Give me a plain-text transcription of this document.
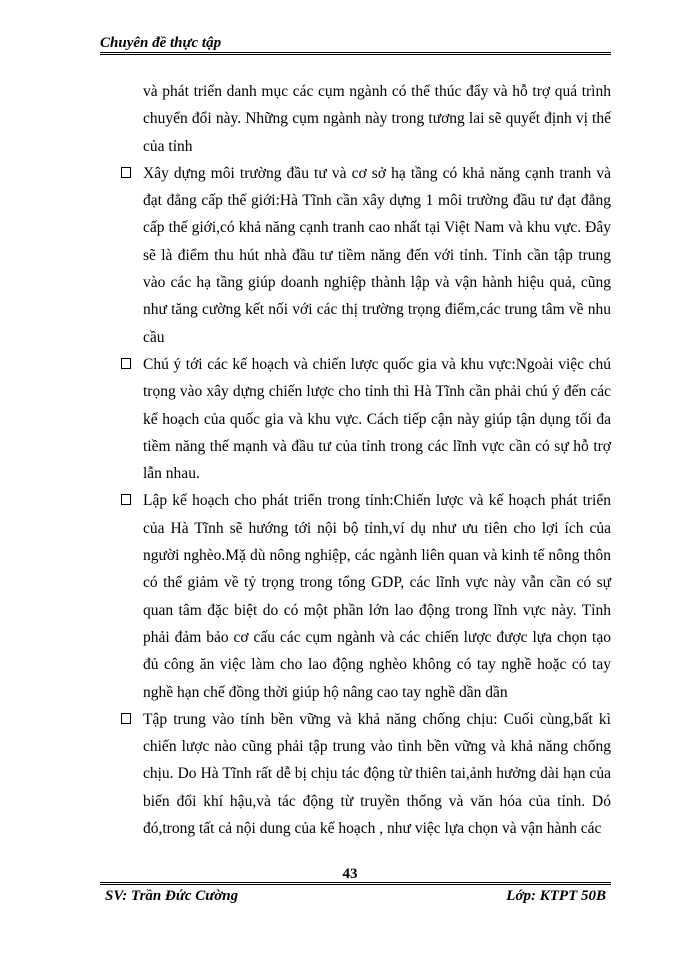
Chuyên đề thực tập

và phát triển danh mục các cụm ngành có thể thúc đẩy và hỗ trợ quá trình chuyển đổi này. Những cụm ngành này trong tương lai sẽ quyết định vị thế của tỉnh

Xây dựng môi trường đầu tư và cơ sở hạ tầng có khả năng cạnh tranh và đạt đẳng cấp thế giới:Hà Tĩnh cần xây dựng 1 môi trường đầu tư đạt đẳng cấp thế giới,có khả năng cạnh tranh cao nhất tại Việt Nam và khu vực. Đây sẽ là điểm thu hút nhà đầu tư tiềm năng đến với tỉnh. Tỉnh cần tập trung vào các hạ tầng giúp doanh nghiệp thành lập và vận hành hiệu quả, cũng như tăng cường kết nối với các thị trường trọng điểm,các trung tâm về nhu cầu
Chú ý tới các kế hoạch và chiến lược quốc gia và khu vực:Ngoài việc chú trọng vào xây dựng chiến lược cho tỉnh thì Hà Tĩnh cần phải chú ý đến các kế hoạch của quốc gia và khu vực. Cách tiếp cận này giúp tận dụng tối đa tiềm năng thế mạnh và đầu tư của tỉnh trong các lĩnh vực cần có sự hỗ trợ lẫn nhau.
Lập kế hoạch cho phát triển trong tỉnh:Chiến lược và kế hoạch phát triển của Hà Tĩnh sẽ hướng tới nội bộ tỉnh,ví dụ như ưu tiên cho lợi ích của người nghèo.Mặ dù nông nghiệp, các ngành liên quan và kinh tế nông thôn có thể giảm về tỷ trọng trong tổng GDP, các lĩnh vực này vẫn cần có sự quan tâm đặc biệt do có một phần lớn lao động trong lĩnh vực này. Tỉnh phải đảm bảo cơ cấu các cụm ngành và các chiến lược được lựa chọn tạo đủ công ăn việc làm cho lao động nghèo không có tay nghề hoặc có tay nghề hạn chế đồng thời giúp hộ nâng cao tay nghề dần dần
Tập trung vào tính bền vững và khả năng chống chịu: Cuối cùng,bất kì chiến lược nào cũng phải tập trung vào tình bền vững và khả năng chống chịu. Do Hà Tĩnh rất dễ bị chịu tác động từ thiên tai,ảnh hưởng dài hạn của biến đổi khí hậu,và tác động từ truyền thống và văn hóa của tỉnh. Dó đó,trong tất cả nội dung của kế hoạch , như việc lựa chọn và vận hành các
43
SV: Trần Đức Cường	Lớp: KTPT 50B
